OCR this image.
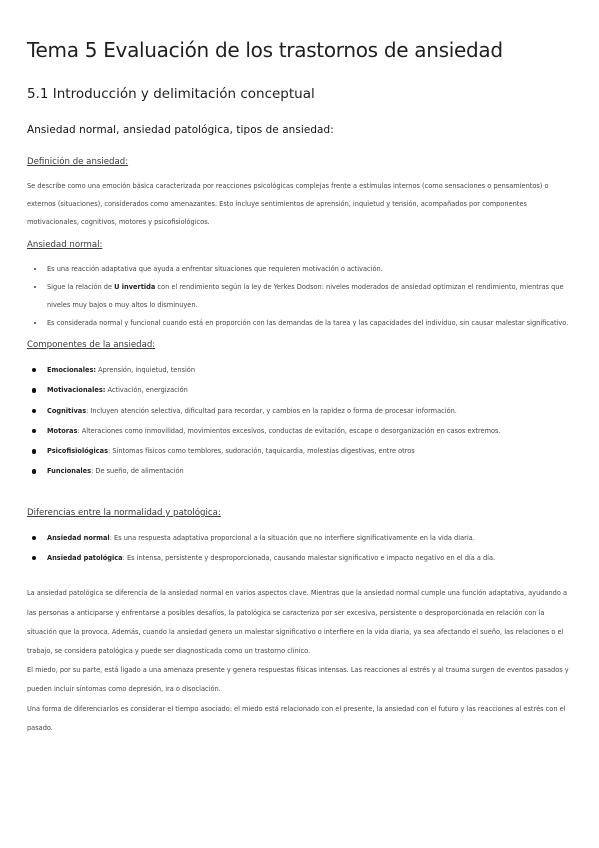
Tema 5 Evaluación de los trastornos de ansiedad
5.1 Introducción y delimitación conceptual
Ansiedad normal, ansiedad patológica, tipos de ansiedad:
Definición de ansiedad:

Se describe como una emoción básica caracterizada por reacciones psicológicas complejas frente a estímulos internos (como sensaciones o pensamientos) o externos (situaciones), considerados como amenazantes. Esto incluye sentimientos de aprensión, inquietud y tensión, acompañados por componentes motivacionales, cognitivos, motores y psicofisiológicos.

Ansiedad normal:
Es una reacción adaptativa que ayuda a enfrentar situaciones que requieren motivación o activación.
Sigue la relación de U invertida con el rendimiento según la ley de Yerkes Dodson: niveles moderados de ansiedad optimizan el rendimiento, mientras que niveles muy bajos o muy altos lo disminuyen.
Es considerada normal y funcional cuando está en proporción con las demandas de la tarea y las capacidades del individuo, sin causar malestar significativo.
Componentes de la ansiedad:
Emocionales: Aprensión, inquietud, tensión
Motivacionales: Activación, energización
Cognitivas: Incluyen atención selectiva, dificultad para recordar, y cambios en la rapidez o forma de procesar información.
Motoras: Alteraciones como inmovilidad, movimientos excesivos, conductas de evitación, escape o desorganización en casos extremos.
Psicofisiológicas: Síntomas físicos como temblores, sudoración, taquicardia, molestias digestivas, entre otros
Funcionales: De sueño, de alimentación
Diferencias entre la normalidad y patológica:
Ansiedad normal: Es una respuesta adaptativa proporcional a la situación que no interfiere significativamente en la vida diaria.
Ansiedad patológica: Es intensa, persistente y desproporcionada, causando malestar significativo e impacto negativo en el día a día.

La ansiedad patológica se diferencia de la ansiedad normal en varios aspectos clave. Mientras que la ansiedad normal cumple una función adaptativa, ayudando a las personas a anticiparse y enfrentarse a posibles desafíos, la patológica se caracteriza por ser excesiva, persistente o desproporcionada en relación con la situación que la provoca. Además, cuando la ansiedad genera un malestar significativo o interfiere en la vida diaria, ya sea afectando el sueño, las relaciones o el trabajo, se considera patológica y puede ser diagnosticada como un trastorno clínico.

El miedo, por su parte, está ligado a una amenaza presente y genera respuestas físicas intensas. Las reacciones al estrés y al trauma surgen de eventos pasados y pueden incluir síntomas como depresión, ira o disociación.

Una forma de diferenciarlos es considerar el tiempo asociado: el miedo está relacionado con el presente, la ansiedad con el futuro y las reacciones al estrés con el pasado.
